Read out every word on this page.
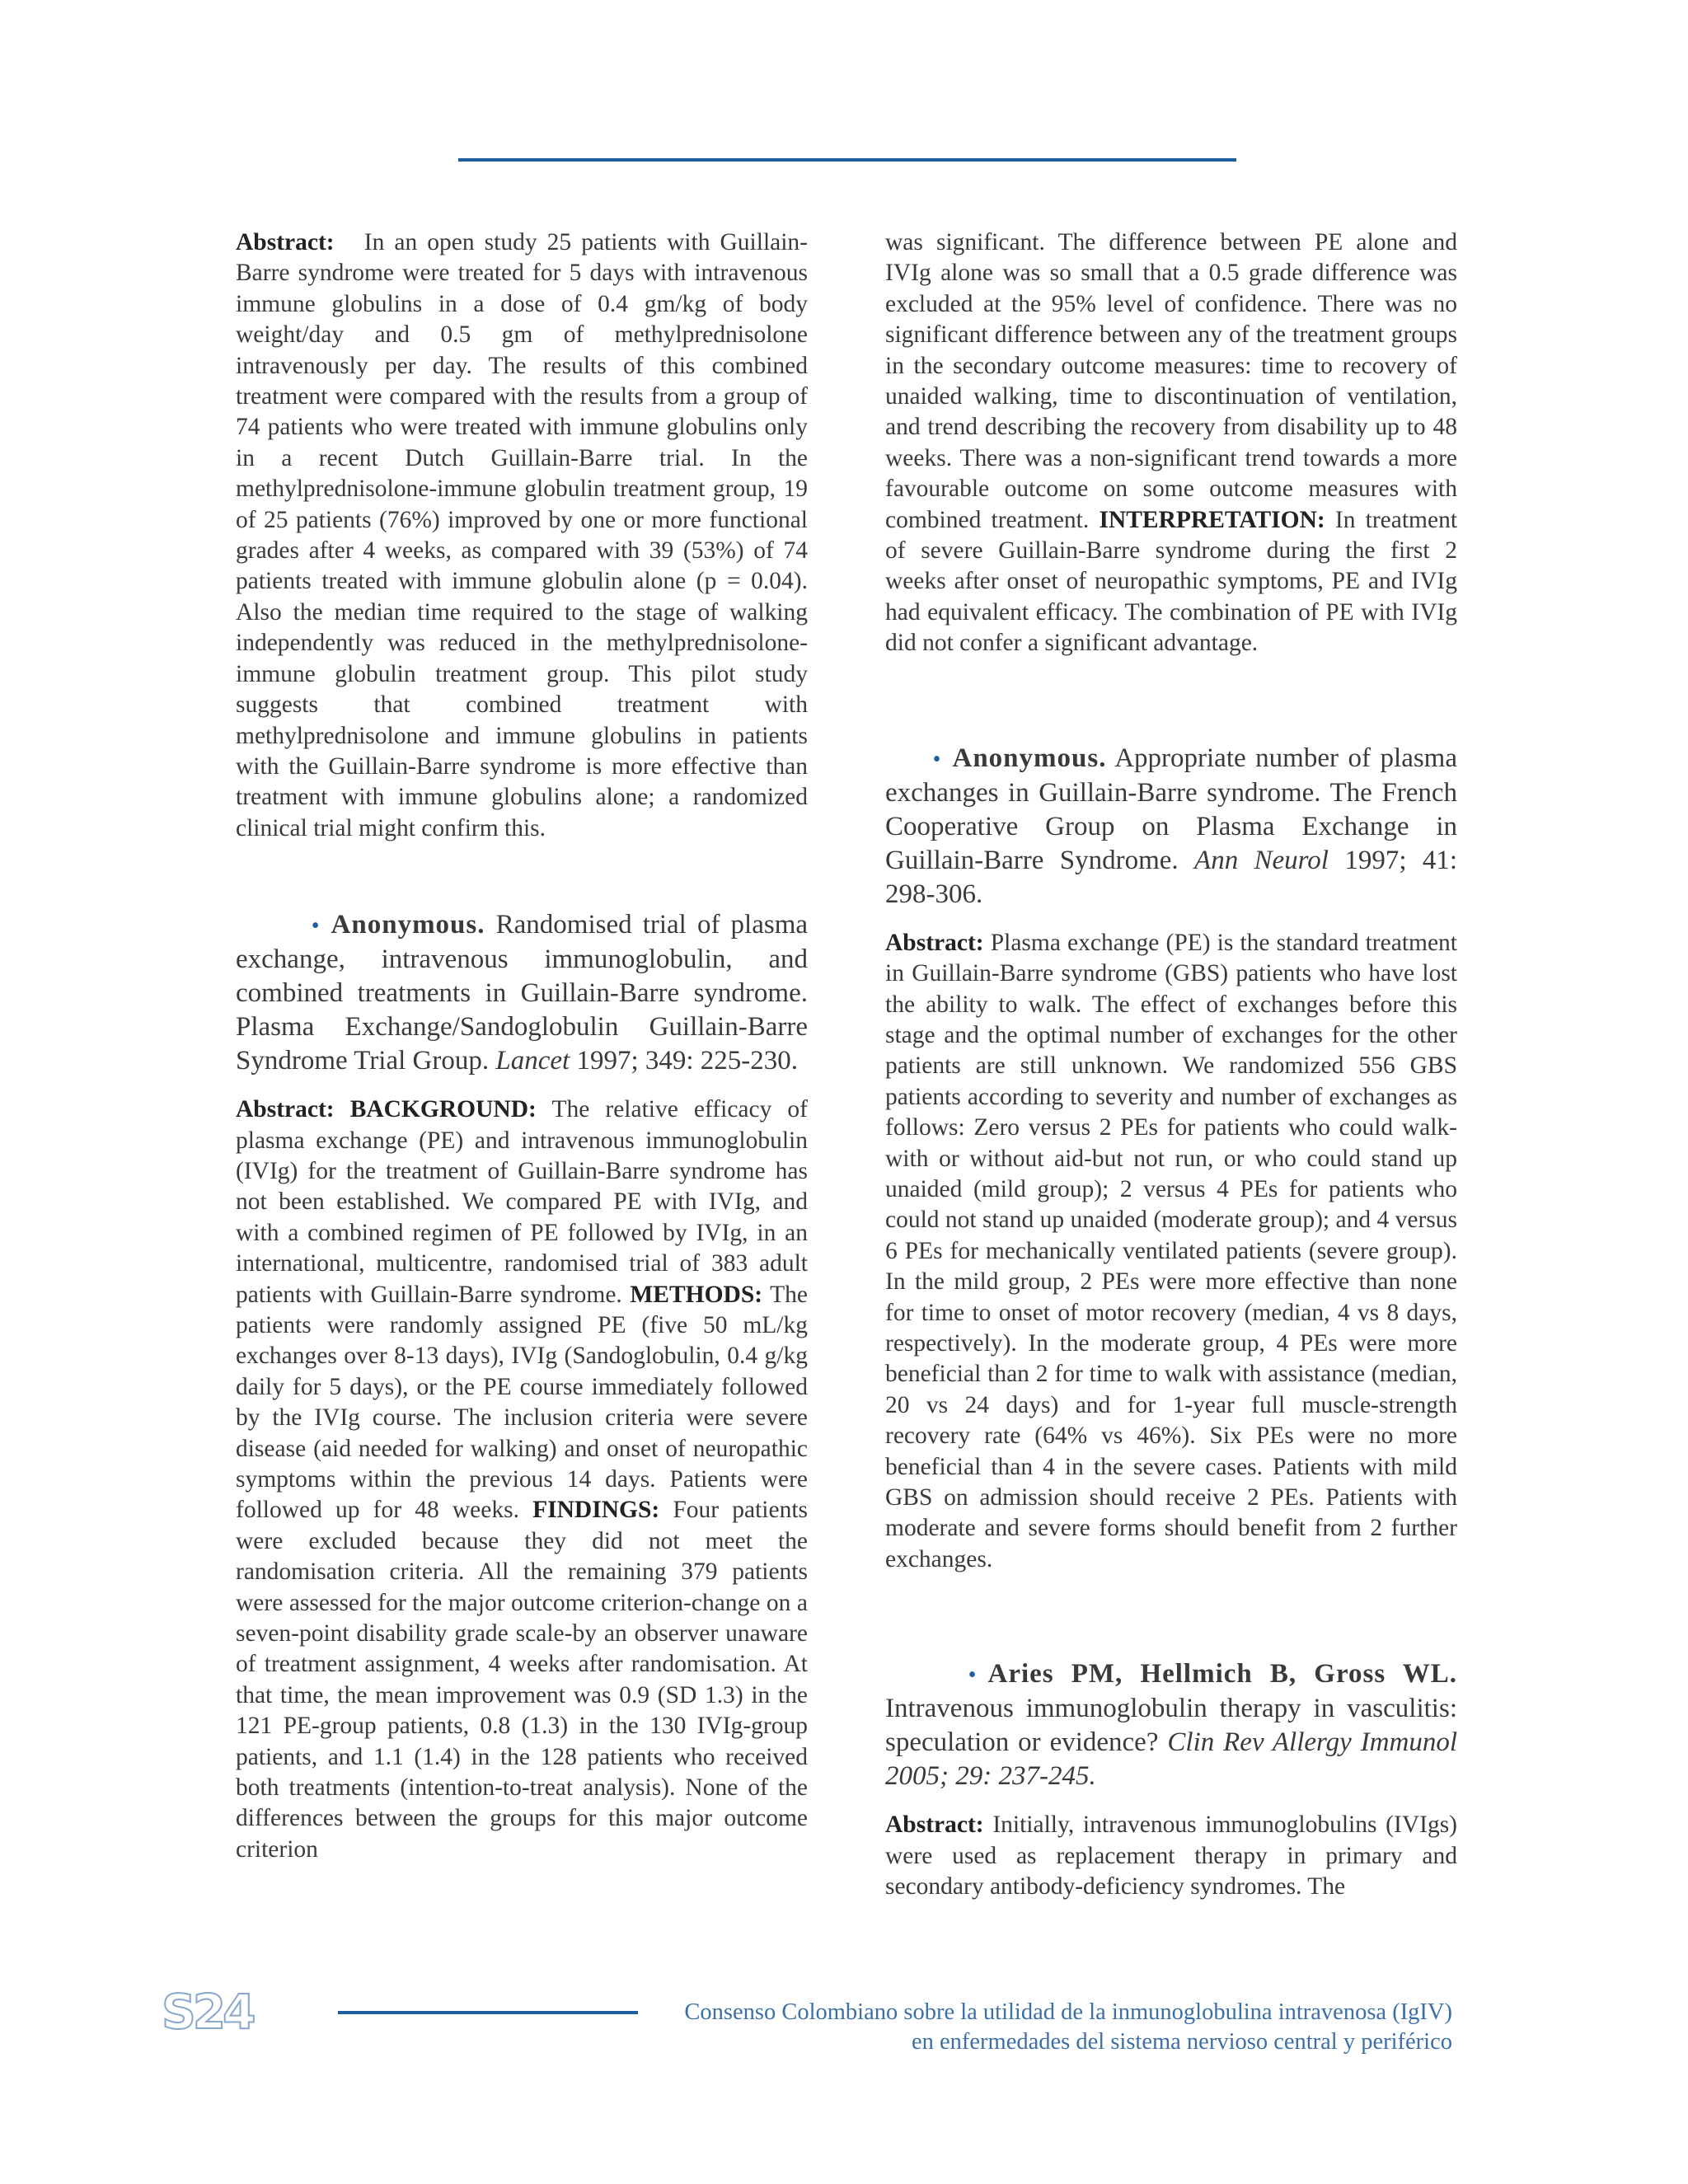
Abstract: In an open study 25 patients with Guillain-Barre syndrome were treated for 5 days with intravenous immune globulins in a dose of 0.4 gm/kg of body weight/day and 0.5 gm of methylprednisolone intravenously per day. The results of this combined treatment were compared with the results from a group of 74 patients who were treated with immune globulins only in a recent Dutch Guillain-Barre trial. In the methylprednisolone-immune globulin treatment group, 19 of 25 patients (76%) improved by one or more functional grades after 4 weeks, as compared with 39 (53%) of 74 patients treated with immune globulin alone (p = 0.04). Also the median time required to the stage of walking independently was reduced in the methylprednisolone-immune globulin treatment group. This pilot study suggests that combined treatment with methylprednisolone and immune globulins in patients with the Guillain-Barre syndrome is more effective than treatment with immune globulins alone; a randomized clinical trial might confirm this.

• Anonymous. Randomised trial of plasma exchange, intravenous immunoglobulin, and combined treatments in Guillain-Barre syndrome. Plasma Exchange/Sandoglobulin Guillain-Barre Syndrome Trial Group. Lancet 1997; 349: 225-230.

Abstract: BACKGROUND: The relative efficacy of plasma exchange (PE) and intravenous immunoglobulin (IVIg) for the treatment of Guillain-Barre syndrome has not been established. We compared PE with IVIg, and with a combined regimen of PE followed by IVIg, in an international, multicentre, randomised trial of 383 adult patients with Guillain-Barre syndrome. METHODS: The patients were randomly assigned PE (five 50 mL/kg exchanges over 8-13 days), IVIg (Sandoglobulin, 0.4 g/kg daily for 5 days), or the PE course immediately followed by the IVIg course. The inclusion criteria were severe disease (aid needed for walking) and onset of neuropathic symptoms within the previous 14 days. Patients were followed up for 48 weeks. FINDINGS: Four patients were excluded because they did not meet the randomisation criteria. All the remaining 379 patients were assessed for the major outcome criterion-change on a seven-point disability grade scale-by an observer unaware of treatment assignment, 4 weeks after randomisation. At that time, the mean improvement was 0.9 (SD 1.3) in the 121 PE-group patients, 0.8 (1.3) in the 130 IVIg-group patients, and 1.1 (1.4) in the 128 patients who received both treatments (intention-to-treat analysis). None of the differences between the groups for this major outcome criterion

was significant. The difference between PE alone and IVIg alone was so small that a 0.5 grade difference was excluded at the 95% level of confidence. There was no significant difference between any of the treatment groups in the secondary outcome measures: time to recovery of unaided walking, time to discontinuation of ventilation, and trend describing the recovery from disability up to 48 weeks. There was a non-significant trend towards a more favourable outcome on some outcome measures with combined treatment. INTERPRETATION: In treatment of severe Guillain-Barre syndrome during the first 2 weeks after onset of neuropathic symptoms, PE and IVIg had equivalent efficacy. The combination of PE with IVIg did not confer a significant advantage.

• Anonymous. Appropriate number of plasma exchanges in Guillain-Barre syndrome. The French Cooperative Group on Plasma Exchange in Guillain-Barre Syndrome. Ann Neurol 1997; 41: 298-306.

Abstract: Plasma exchange (PE) is the standard treatment in Guillain-Barre syndrome (GBS) patients who have lost the ability to walk. The effect of exchanges before this stage and the optimal number of exchanges for the other patients are still unknown. We randomized 556 GBS patients according to severity and number of exchanges as follows: Zero versus 2 PEs for patients who could walk-with or without aid-but not run, or who could stand up unaided (mild group); 2 versus 4 PEs for patients who could not stand up unaided (moderate group); and 4 versus 6 PEs for mechanically ventilated patients (severe group). In the mild group, 2 PEs were more effective than none for time to onset of motor recovery (median, 4 vs 8 days, respectively). In the moderate group, 4 PEs were more beneficial than 2 for time to walk with assistance (median, 20 vs 24 days) and for 1-year full muscle-strength recovery rate (64% vs 46%). Six PEs were no more beneficial than 4 in the severe cases. Patients with mild GBS on admission should receive 2 PEs. Patients with moderate and severe forms should benefit from 2 further exchanges.

• Aries PM, Hellmich B, Gross WL. Intravenous immunoglobulin therapy in vasculitis: speculation or evidence? Clin Rev Allergy Immunol 2005; 29: 237-245.

Abstract: Initially, intravenous immunoglobulins (IVIgs) were used as replacement therapy in primary and secondary antibody-deficiency syndromes. The

S24	Consenso Colombiano sobre la utilidad de la inmunoglobulina intravenosa (IgIV)
en enfermedades del sistema nervioso central y periférico
